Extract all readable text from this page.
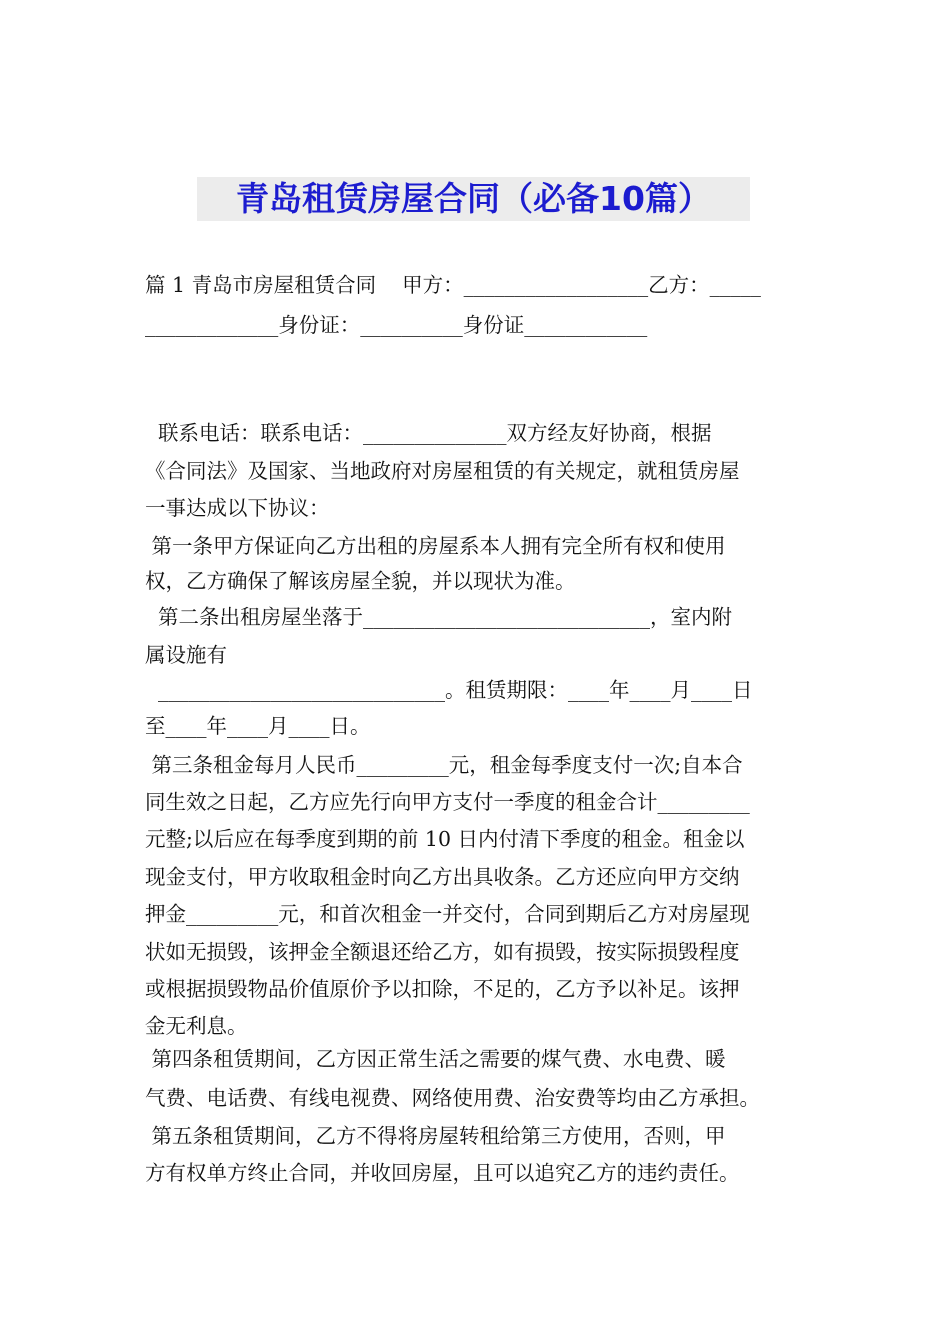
青岛租赁房屋合同（必备10篇）
篇 1 青岛市房屋租赁合同    甲方：__________________乙方：_____
_____________身份证：__________身份证____________
联系电话：联系电话：______________双方经友好协商，根据
《合同法》及国家、当地政府对房屋租赁的有关规定，就租赁房屋
一事达成以下协议：
第一条甲方保证向乙方出租的房屋系本人拥有完全所有权和使用
权，乙方确保了解该房屋全貌，并以现状为准。
第二条出租房屋坐落于____________________________，室内附
属设施有
____________________________。租赁期限：____年____月____日
至____年____月____日。
第三条租金每月人民币_________元，租金每季度支付一次;自本合
同生效之日起，乙方应先行向甲方支付一季度的租金合计_________
元整;以后应在每季度到期的前 10 日内付清下季度的租金。租金以
现金支付，甲方收取租金时向乙方出具收条。乙方还应向甲方交纳
押金_________元，和首次租金一并交付，合同到期后乙方对房屋现
状如无损毁，该押金全额退还给乙方，如有损毁，按实际损毁程度
或根据损毁物品价值原价予以扣除，不足的，乙方予以补足。该押
金无利息。
第四条租赁期间，乙方因正常生活之需要的煤气费、水电费、暖
气费、电话费、有线电视费、网络使用费、治安费等均由乙方承担。
第五条租赁期间，乙方不得将房屋转租给第三方使用，否则，甲
方有权单方终止合同，并收回房屋，且可以追究乙方的违约责任。
